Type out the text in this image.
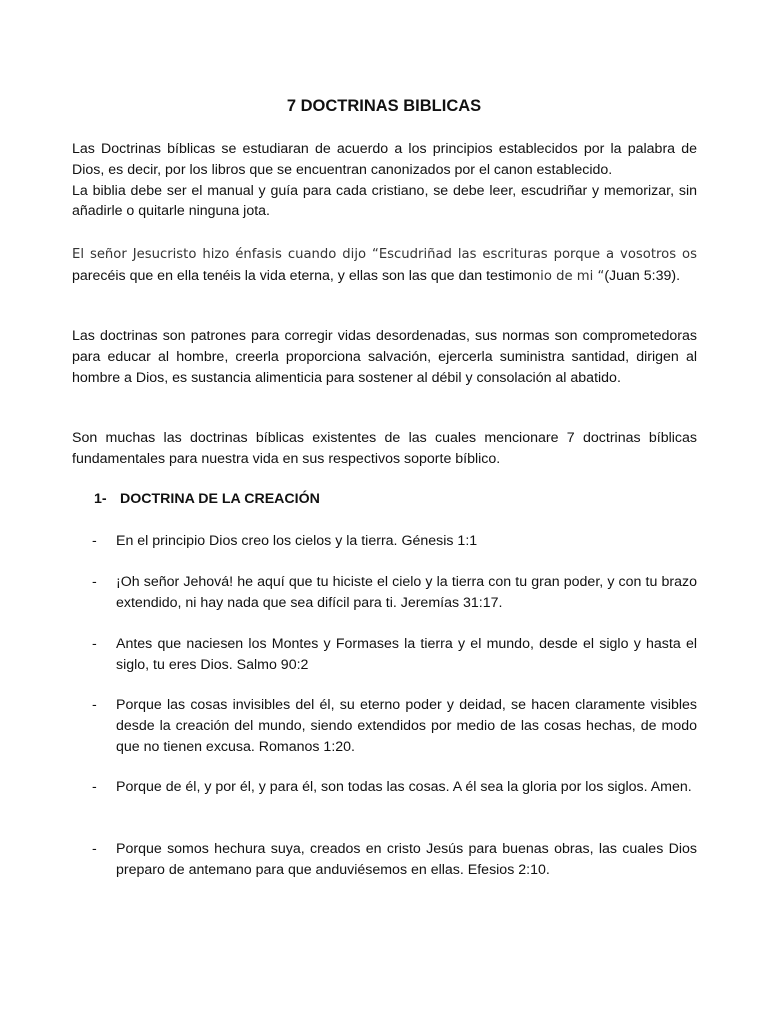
7 DOCTRINAS BIBLICAS

Las Doctrinas bíblicas se estudiaran de acuerdo a los principios establecidos por la palabra de Dios, es decir, por los libros que se encuentran canonizados por el canon establecido.
La biblia debe ser el manual y guía para cada cristiano, se debe leer, escudriñar y memorizar, sin añadirle o quitarle ninguna jota.

El señor Jesucristo hizo énfasis cuando dijo “Escudriñad las escrituras porque a vosotros os parecéis que en ella tenéis la vida eterna, y ellas son las que dan testimonio de mi “(Juan 5:39).

Las doctrinas son patrones para corregir vidas desordenadas, sus normas son comprometedoras para educar al hombre, creerla proporciona salvación, ejercerla suministra santidad, dirigen al hombre a Dios, es sustancia alimenticia para sostener al débil y consolación al abatido.

Son muchas las doctrinas bíblicas existentes de las cuales mencionare 7 doctrinas bíblicas fundamentales para nuestra vida en sus respectivos soporte bíblico.

1- DOCTRINA DE LA CREACIÓN

- En el principio Dios creo los cielos y la tierra. Génesis 1:1

- ¡Oh señor Jehová! he aquí que tu hiciste el cielo y la tierra con tu gran poder, y con tu brazo extendido, ni hay nada que sea difícil para ti. Jeremías 31:17.

- Antes que naciesen los Montes y Formases la tierra y el mundo, desde el siglo y hasta el siglo, tu eres Dios. Salmo 90:2

- Porque las cosas invisibles del él, su eterno poder y deidad, se hacen claramente visibles desde la creación del mundo, siendo extendidos por medio de las cosas hechas, de modo que no tienen excusa. Romanos 1:20.

- Porque de él, y por él, y para él, son todas las cosas. A él sea la gloria por los siglos. Amen.

- Porque somos hechura suya, creados en cristo Jesús para buenas obras, las cuales Dios preparo de antemano para que anduviésemos en ellas. Efesios 2:10.
